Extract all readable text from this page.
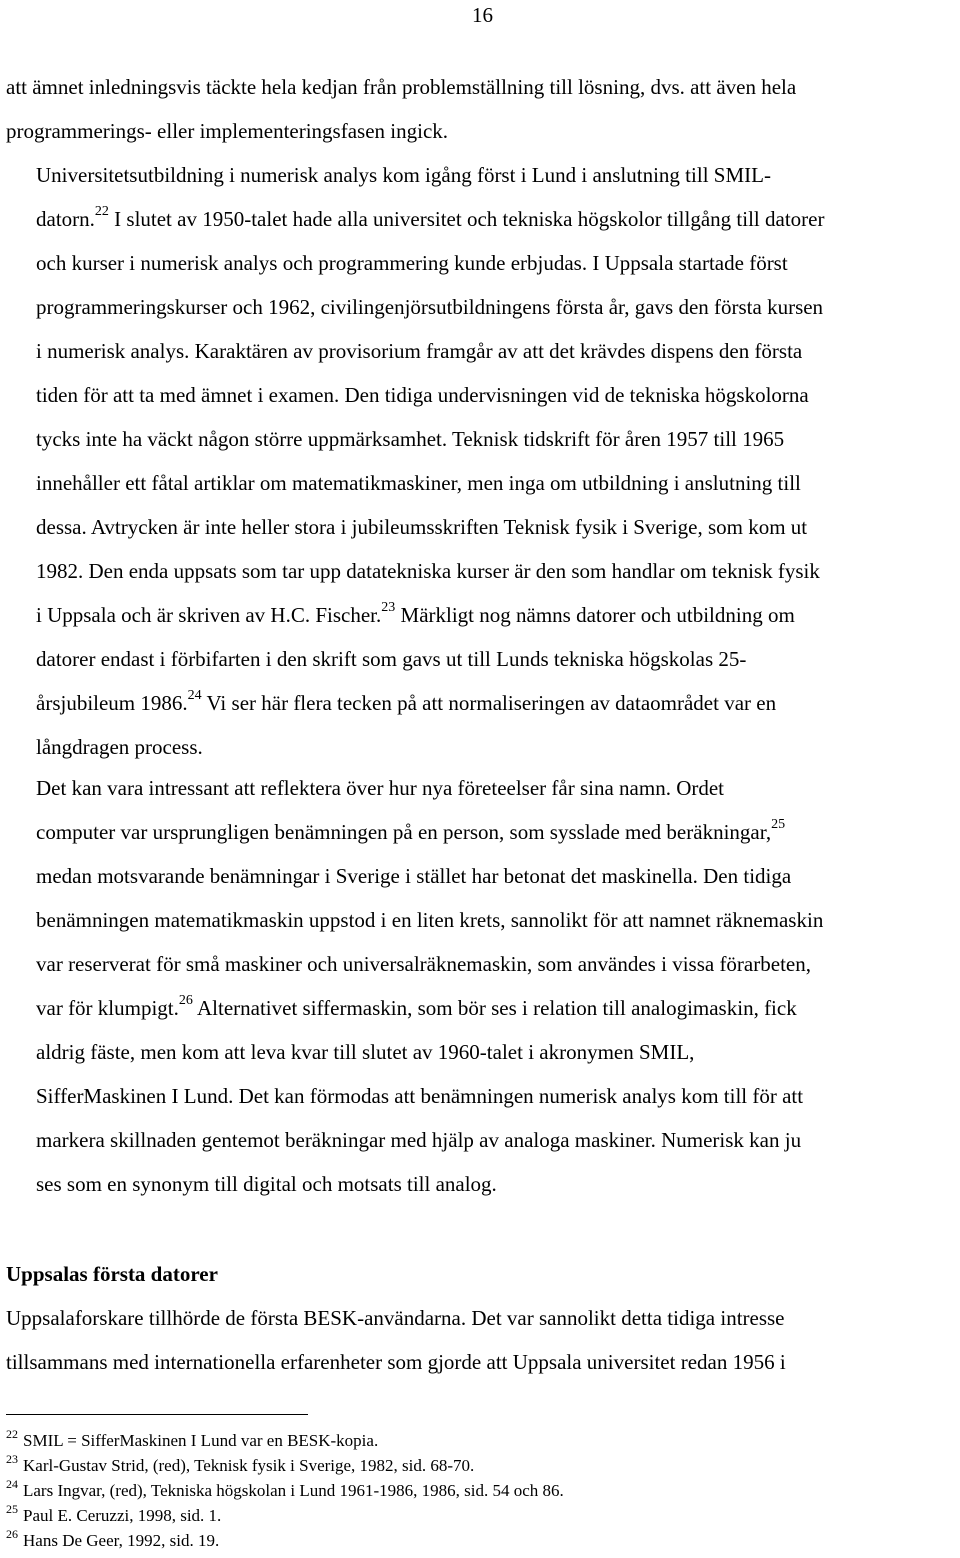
16

att ämnet inledningsvis täckte hela kedjan från problemställning till lösning, dvs. att även hela
programmerings- eller implementeringsfasen ingick.

Universitetsutbildning i numerisk analys kom igång först i Lund i anslutning till SMIL-
datorn.$^{22}$ I slutet av 1950-talet hade alla universitet och tekniska högskolor tillgång till datorer
och kurser i numerisk analys och programmering kunde erbjudas. I Uppsala startade först
programmeringskurser och 1962, civilingenjörsutbildningens första år, gavs den första kursen
i numerisk analys. Karaktären av provisorium framgår av att det krävdes dispens den första
tiden för att ta med ämnet i examen. Den tidiga undervisningen vid de tekniska högskolorna
tycks inte ha väckt någon större uppmärksamhet. Teknisk tidskrift för åren 1957 till 1965
innehåller ett fåtal artiklar om matematikmaskiner, men inga om utbildning i anslutning till
dessa. Avtrycken är inte heller stora i jubileumsskriften Teknisk fysik i Sverige, som kom ut
1982. Den enda uppsats som tar upp datatekniska kurser är den som handlar om teknisk fysik
i Uppsala och är skriven av H.C. Fischer.$^{23}$ Märkligt nog nämns datorer och utbildning om
datorer endast i förbifarten i den skrift som gavs ut till Lunds tekniska högskolas 25-
årsjubileum 1986.24 Vi ser här flera tecken på att normaliseringen av dataområdet var en
långdragen process.

Det kan vara intressant att reflektera över hur nya företeelser får sina namn. Ordet
computer var ursprungligen benämningen på en person, som sysslade med beräkningar,$^{25}$
medan motsvarande benämningar i Sverige i stället har betonat det maskinella. Den tidiga
benämningen matematikmaskin uppstod i en liten krets, sannolikt för att namnet räknemaskin
var reserverat för små maskiner och universalräknemaskin, som användes i vissa förarbeten,
var för klumpigt.$^{26}$ Alternativet siffermaskin, som bör ses i relation till analogimaskin, fick
aldrig fäste, men kom att leva kvar till slutet av 1960-talet i akronymen SMIL,
SifferMaskinen I Lund. Det kan förmodas att benämningen numerisk analys kom till för att
markera skillnaden gentemot beräkningar med hjälp av analoga maskiner. Numerisk kan ju
ses som en synonym till digital och motsats till analog.

Uppsalas första datorer

Uppsalaforskare tillhörde de första BESK-användarna. Det var sannolikt detta tidiga intresse
tillsammans med internationella erfarenheter som gjorde att Uppsala universitet redan 1956 i

$^{22}$ SMIL = SifferMaskinen I Lund var en BESK-kopia.
$^{23}$ Karl-Gustav Strid, (red), Teknisk fysik i Sverige, 1982, sid. 68-70.
$^{24}$ Lars Ingvar, (red), Tekniska högskolan i Lund 1961-1986, 1986, sid. 54 och 86.
$^{25}$ Paul E. Ceruzzi, 1998, sid. 1.
$^{26}$ Hans De Geer, 1992, sid. 19.
